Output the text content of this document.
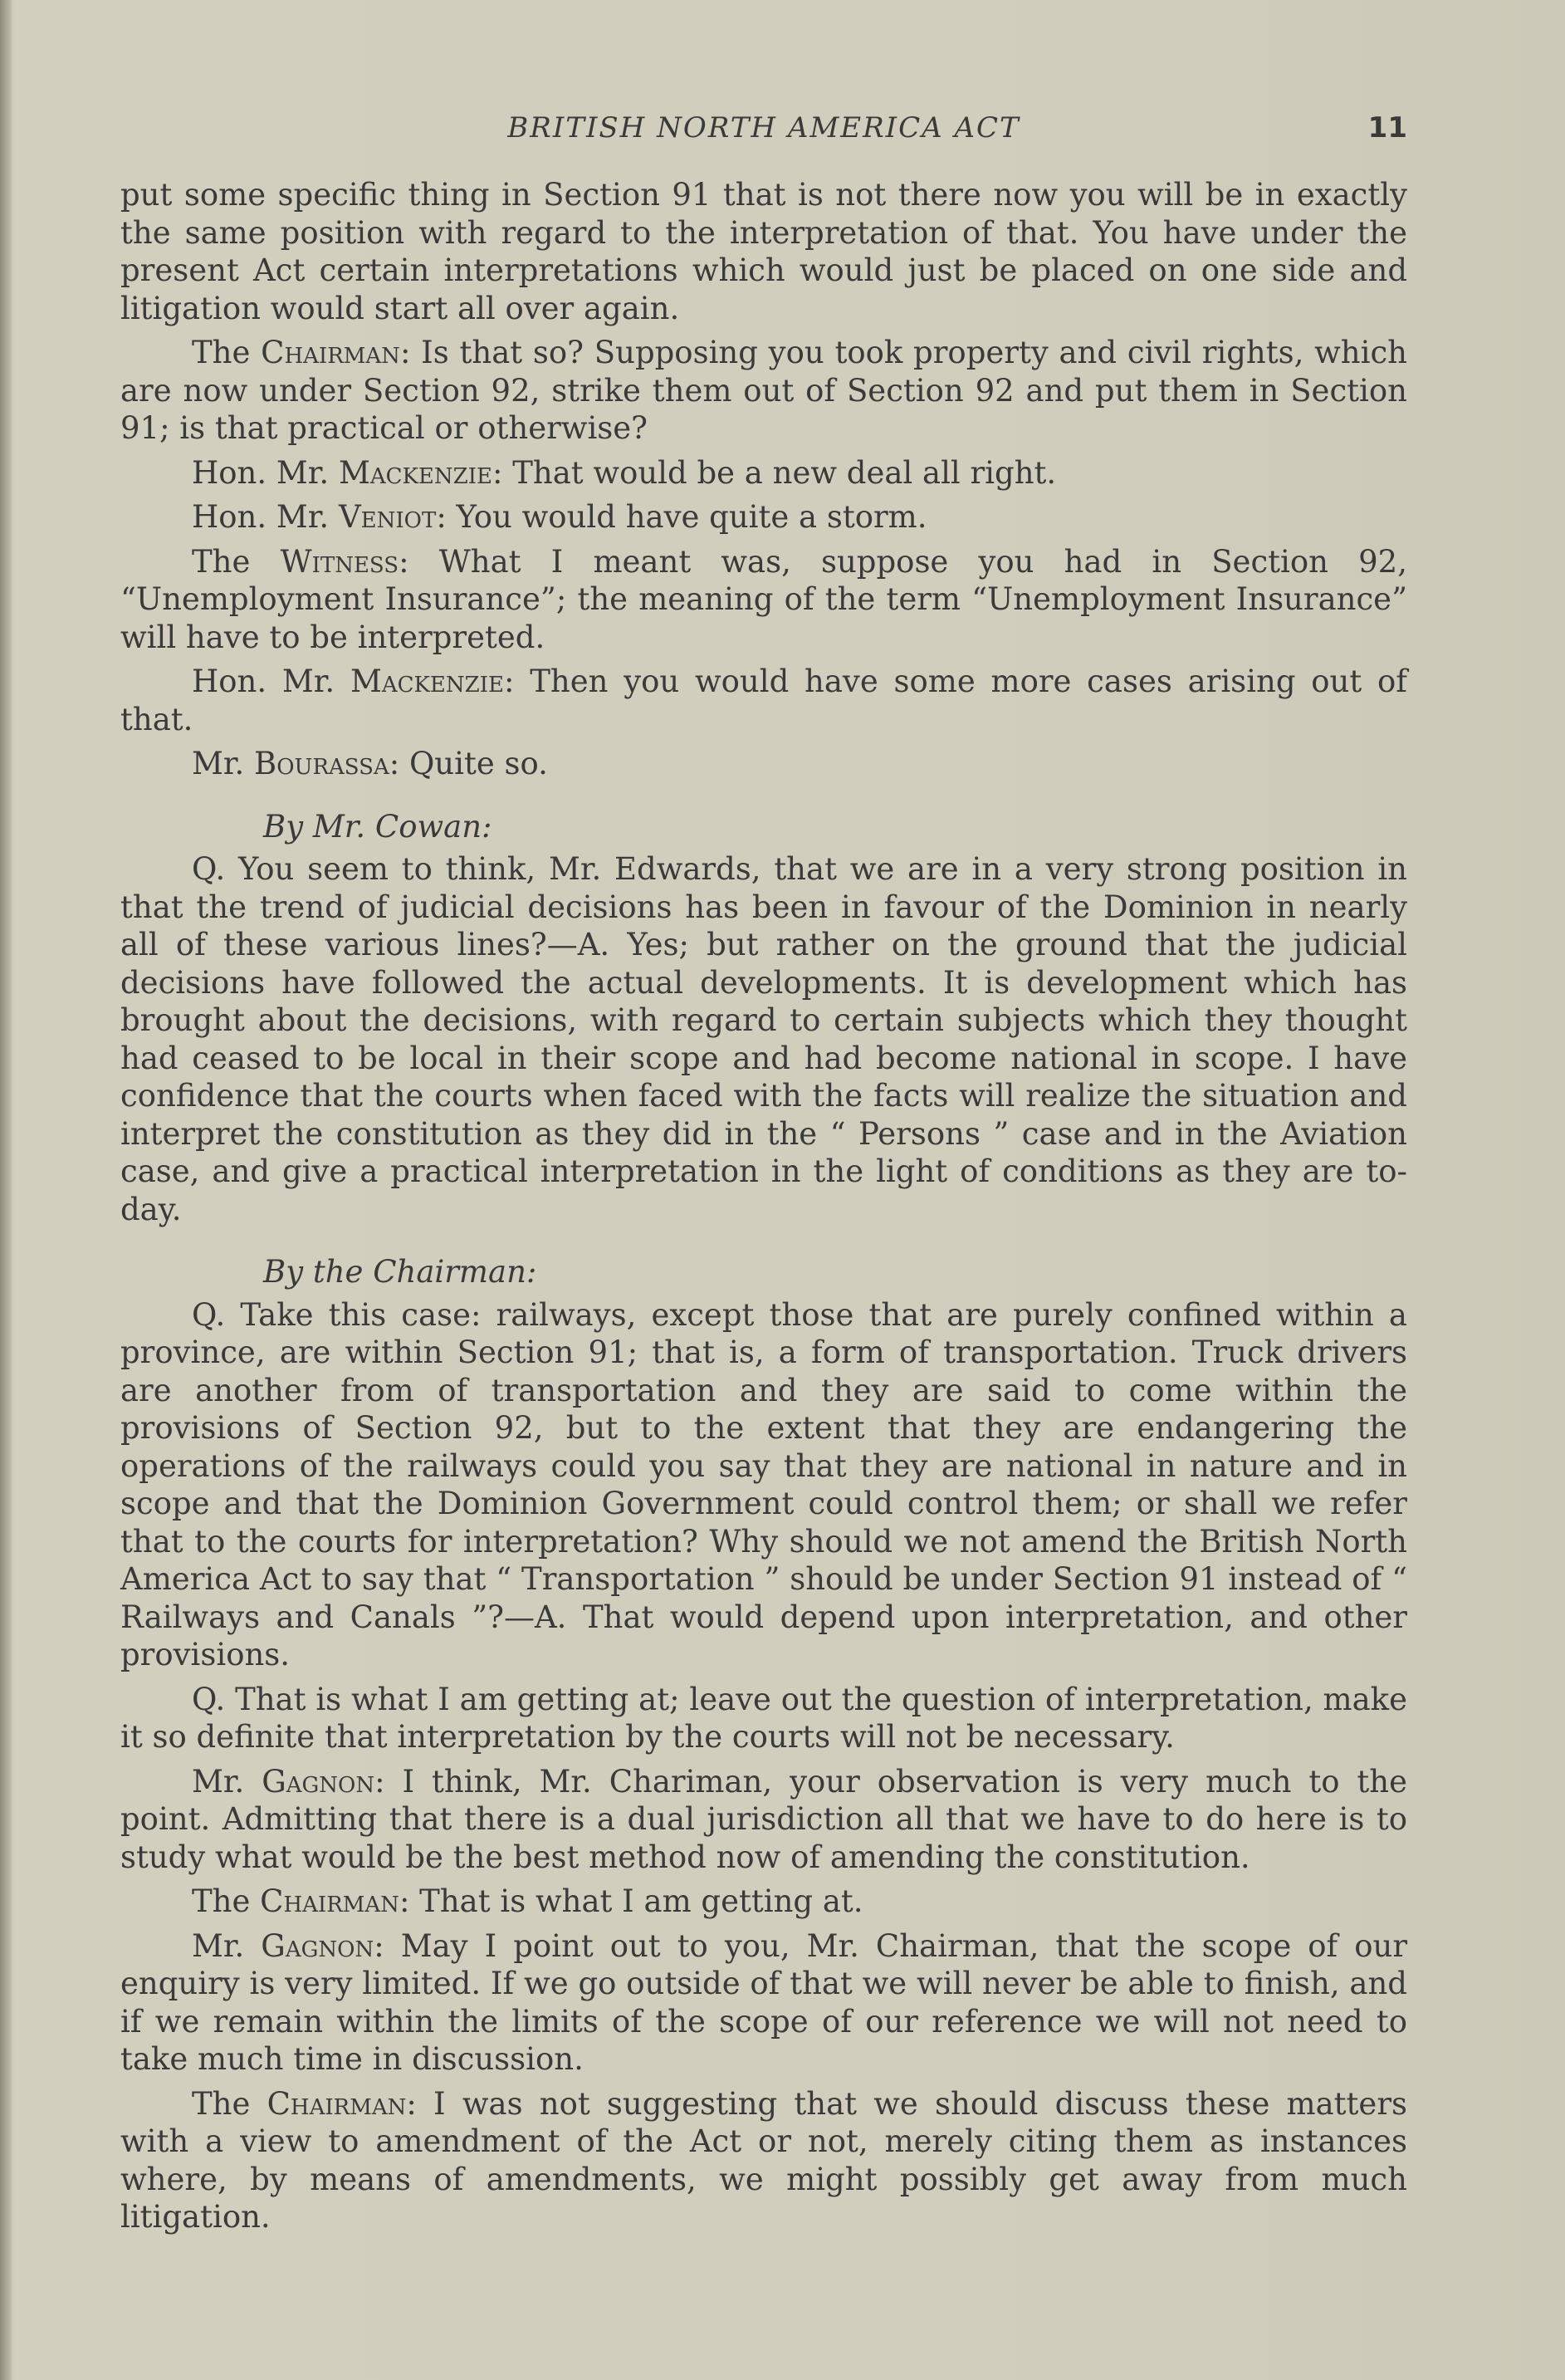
BRITISH NORTH AMERICA ACT	11

put some specific thing in Section 91 that is not there now you will be in exactly the same position with regard to the interpretation of that. You have under the present Act certain interpretations which would just be placed on one side and litigation would start all over again.

The Chairman: Is that so? Supposing you took property and civil rights, which are now under Section 92, strike them out of Section 92 and put them in Section 91; is that practical or otherwise?

Hon. Mr. Mackenzie: That would be a new deal all right.

Hon. Mr. Veniot: You would have quite a storm.

The Witness: What I meant was, suppose you had in Section 92, “Unemployment Insurance”; the meaning of the term “Unemployment Insurance” will have to be interpreted.

Hon. Mr. Mackenzie: Then you would have some more cases arising out of that.

Mr. Bourassa: Quite so.

By Mr. Cowan:

Q. You seem to think, Mr. Edwards, that we are in a very strong position in that the trend of judicial decisions has been in favour of the Dominion in nearly all of these various lines?—A. Yes; but rather on the ground that the judicial decisions have followed the actual developments. It is development which has brought about the decisions, with regard to certain subjects which they thought had ceased to be local in their scope and had become national in scope. I have confidence that the courts when faced with the facts will realize the situation and interpret the constitution as they did in the “ Persons ” case and in the Aviation case, and give a practical interpretation in the light of conditions as they are to-day.

By the Chairman:

Q. Take this case: railways, except those that are purely confined within a province, are within Section 91; that is, a form of transportation. Truck drivers are another from of transportation and they are said to come within the provisions of Section 92, but to the extent that they are endangering the operations of the railways could you say that they are national in nature and in scope and that the Dominion Government could control them; or shall we refer that to the courts for interpretation? Why should we not amend the British North America Act to say that “ Transportation ” should be under Section 91 instead of “ Railways and Canals ”?—A. That would depend upon interpretation, and other provisions.

Q. That is what I am getting at; leave out the question of interpretation, make it so definite that interpretation by the courts will not be necessary.

Mr. Gagnon: I think, Mr. Chariman, your observation is very much to the point. Admitting that there is a dual jurisdiction all that we have to do here is to study what would be the best method now of amending the constitution.

The Chairman: That is what I am getting at.

Mr. Gagnon: May I point out to you, Mr. Chairman, that the scope of our enquiry is very limited. If we go outside of that we will never be able to finish, and if we remain within the limits of the scope of our reference we will not need to take much time in discussion.

The Chairman: I was not suggesting that we should discuss these matters with a view to amendment of the Act or not, merely citing them as instances where, by means of amendments, we might possibly get away from much litigation.
